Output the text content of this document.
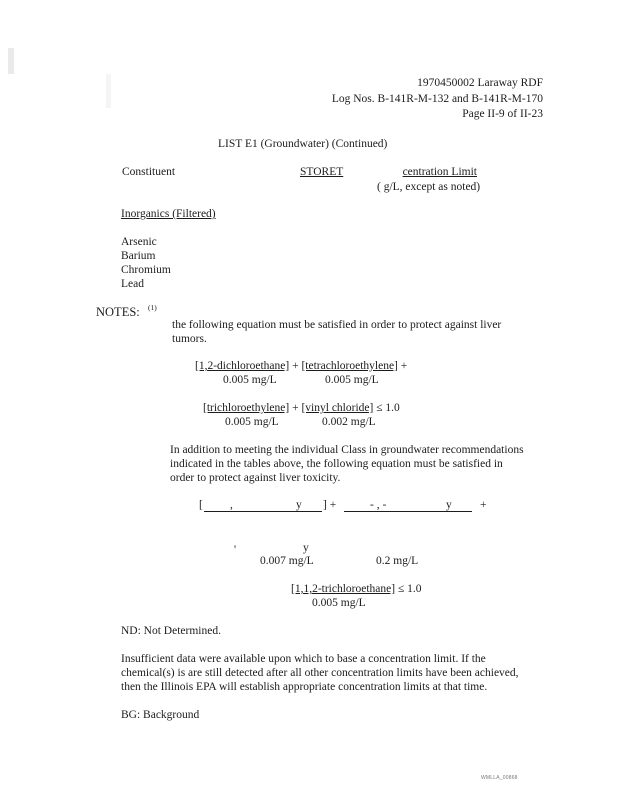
1970450002 Laraway RDF
Log Nos. B-141R-M-132 and B-141R-M-170
Page II-9 of II-23
LIST E1 (Groundwater) (Continued)
Constituent	STORET	centration Limit
( g/L, except as noted)
Inorganics (Filtered)
Arsenic
Barium
Chromium
Lead
NOTES: (1)
the following equation must be satisfied in order to protect against liver
tumors.
[1,2-dichloroethane] + [tetrachloroethylene] +
0.005 mg/L	0.005 mg/L
[trichloroethylene] + [vinyl chloride] ≤ 1.0
0.005 mg/L	0.002 mg/L
In addition to meeting the individual Class in groundwater recommendations
indicated in the tables above, the following equation must be satisfied in
order to protect against liver toxicity.
[ ,	y ] +	- , -	y +
y
'
0.007 mg/L	0.2 mg/L
[1,1,2-trichloroethane] ≤ 1.0
0.005 mg/L
ND: Not Determined.
Insufficient data were available upon which to base a concentration limit. If the
chemical(s) is are still detected after all other concentration limits have been achieved,
then the Illinois EPA will establish appropriate concentration limits at that time.
BG: Background
WMLLA_00868
